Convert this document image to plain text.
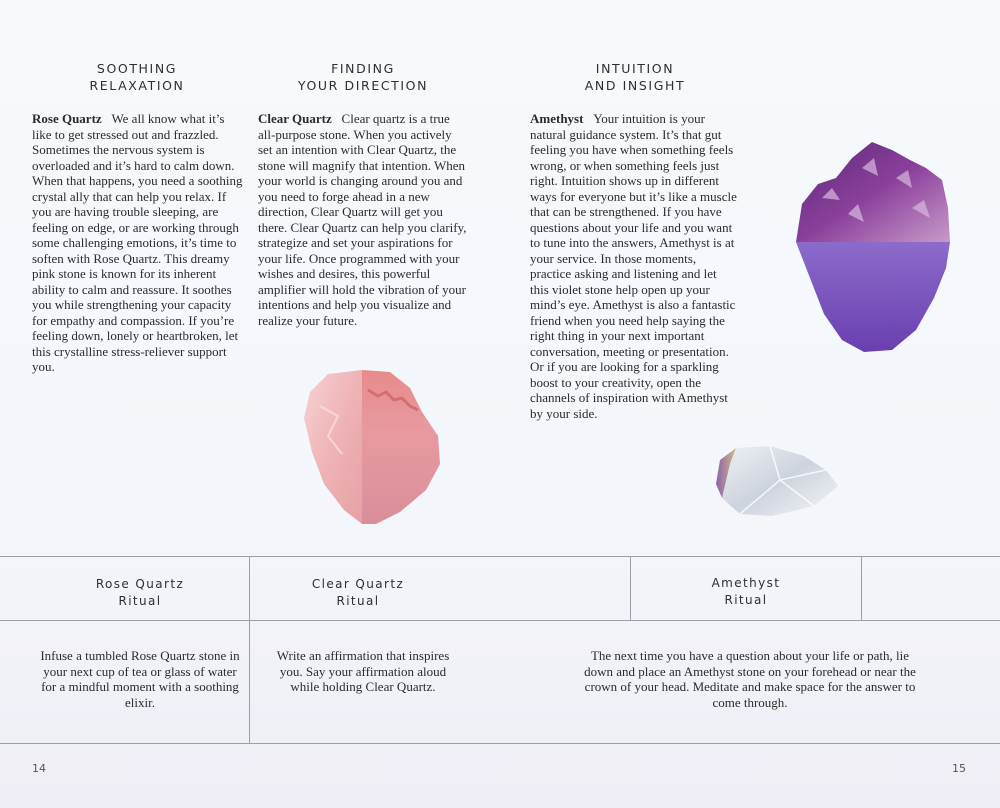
SOOTHING
RELAXATION
Rose Quartz We all know what it’s like to get stressed out and frazzled. Sometimes the nervous system is overloaded and it’s hard to calm down. When that happens, you need a soothing crystal ally that can help you relax. If you are having trouble sleeping, are feeling on edge, or are working through some challenging emotions, it’s time to soften with Rose Quartz. This dreamy pink stone is known for its inherent ability to calm and reassure. It soothes you while strengthening your capacity for empathy and compassion. If you’re feeling down, lonely or heartbroken, let this crystalline stress-reliever support you.
FINDING
YOUR DIRECTION
Clear Quartz Clear quartz is a true all-purpose stone. When you actively set an intention with Clear Quartz, the stone will magnify that intention. When your world is changing around you and you need to forge ahead in a new direction, Clear Quartz will get you there. Clear Quartz can help you clarify, strategize and set your aspirations for your life. Once programmed with your wishes and desires, this powerful amplifier will hold the vibration of your intentions and help you visualize and realize your future.
INTUITION
AND INSIGHT
Amethyst Your intuition is your natural guidance system. It’s that gut feeling you have when something feels wrong, or when something feels just right. Intuition shows up in different ways for everyone but it’s like a muscle that can be strengthened. If you have questions about your life and you want to tune into the answers, Amethyst is at your service. In those moments, practice asking and listening and let this violet stone help open up your mind’s eye. Amethyst is also a fantastic friend when you need help saying the right thing in your next important conversation, meeting or presentation. Or if you are looking for a sparkling boost to your creativity, open the channels of inspiration with Amethyst by your side.
Rose Quartz
Ritual
Clear Quartz
Ritual
Amethyst
Ritual
Infuse a tumbled Rose Quartz stone in your next cup of tea or glass of water for a mindful moment with a soothing elixir.
Write an affirmation that inspires you. Say your affirmation aloud while holding Clear Quartz.
The next time you have a question about your life or path, lie down and place an Amethyst stone on your forehead or near the crown of your head. Meditate and make space for the answer to come through.
14	15
